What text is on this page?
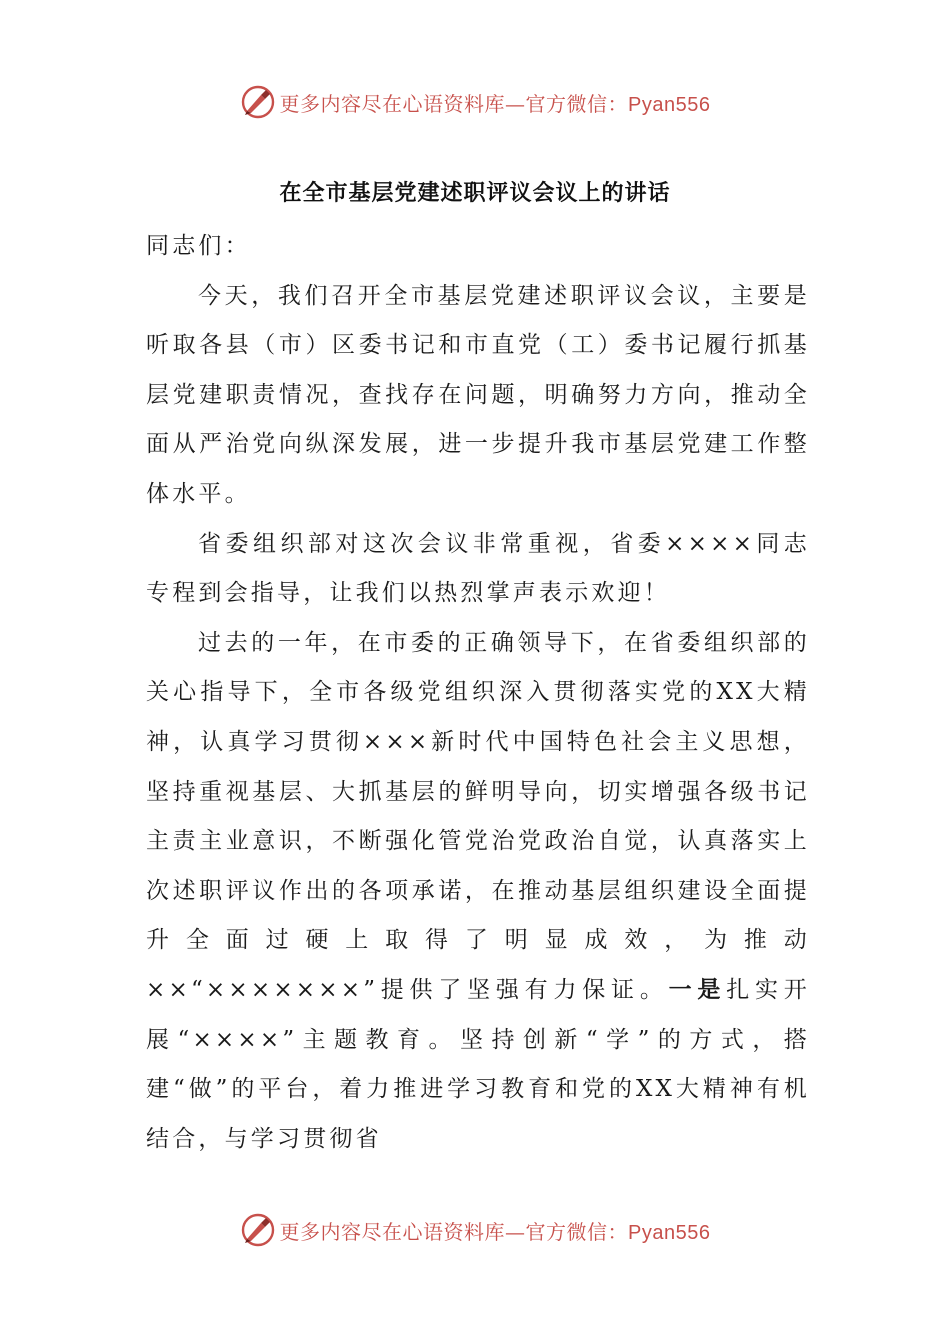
更多内容尽在心语资料库—官方微信：Pyan556
在全市基层党建述职评议会议上的讲话

同志们：

今天，我们召开全市基层党建述职评议会议，主要是听取各县（市）区委书记和市直党（工）委书记履行抓基层党建职责情况，查找存在问题，明确努力方向，推动全面从严治党向纵深发展，进一步提升我市基层党建工作整体水平。

省委组织部对这次会议非常重视，省委××××同志专程到会指导，让我们以热烈掌声表示欢迎！

过去的一年，在市委的正确领导下，在省委组织部的关心指导下，全市各级党组织深入贯彻落实党的XX大精神，认真学习贯彻×××新时代中国特色社会主义思想，坚持重视基层、大抓基层的鲜明导向，切实增强各级书记主责主业意识，不断强化管党治党政治自觉，认真落实上次述职评议作出的各项承诺，在推动基层组织建设全面提升全面过硬上取得了明显成效，为推动××“×××××××”提供了坚强有力保证。一是扎实开展“××××”主题教育。坚持创新“学”的方式，搭建“做”的平台，着力推进学习教育和党的XX大精神有机结合，与学习贯彻省

更多内容尽在心语资料库—官方微信：Pyan556
